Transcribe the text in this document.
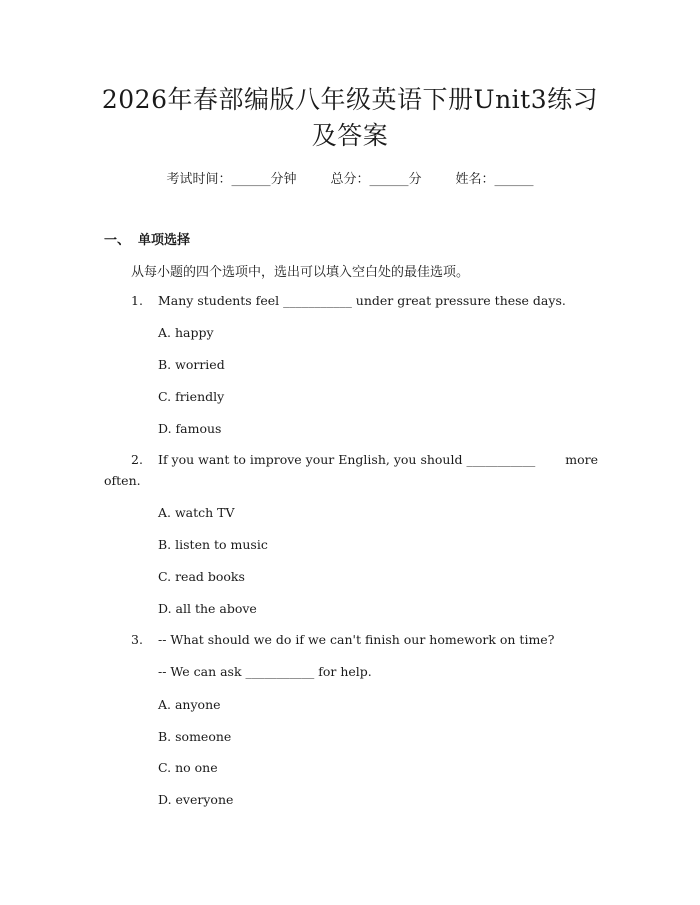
2026年春部编版八年级英语下册Unit3练习
及答案
考试时间：______分钟	总分：______分	姓名：______
一、 单项选择
从每小题的四个选项中，选出可以填入空白处的最佳选项。
1. Many students feel ___________ under great pressure these days.
A. happy
B. worried
C. friendly
D. famous
2. If you want to improve your English, you should ___________ more
often.
A. watch TV
B. listen to music
C. read books
D. all the above
3. -- What should we do if we can't finish our homework on time?
-- We can ask ___________ for help.
A. anyone
B. someone
C. no one
D. everyone
